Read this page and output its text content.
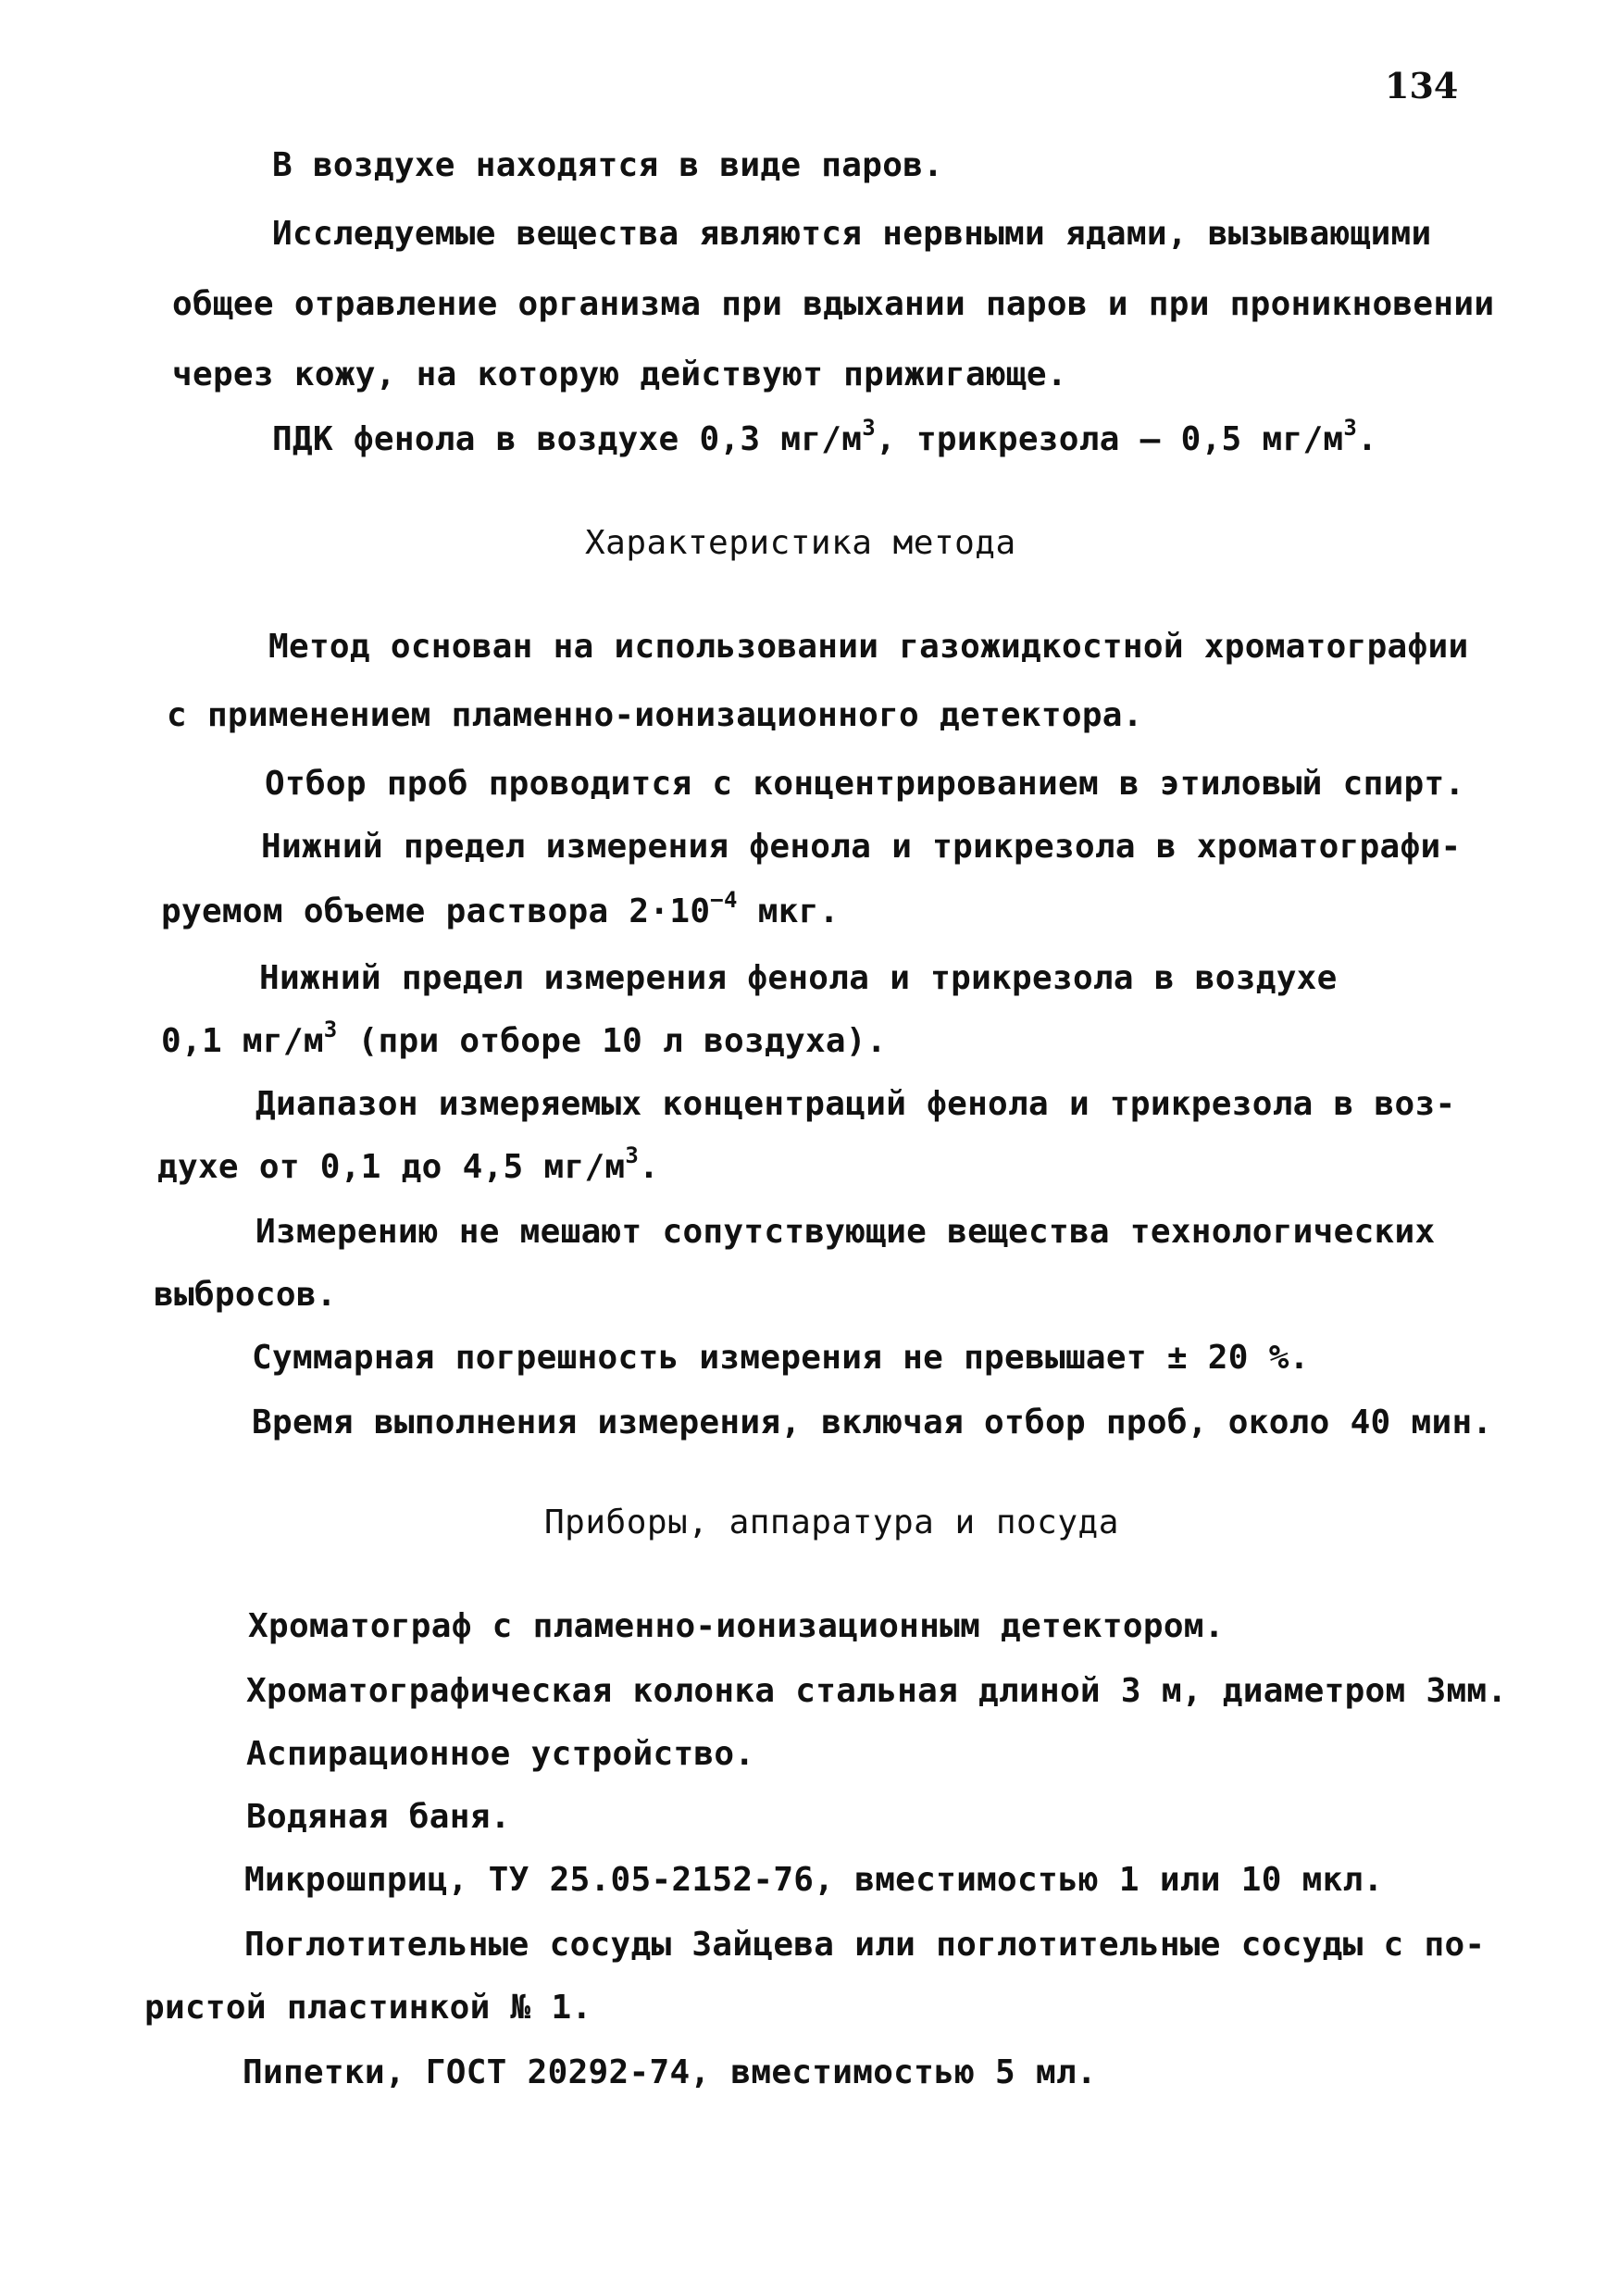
134
В воздухе находятся в виде паров.
Исследуемые вещества являются нервными ядами, вызывающими
общее отравление организма при вдыхании паров и при проникновении
через кожу, на которую действуют прижигающе.
ПДК фенола в воздухе 0,3 $мг/м^3$, трикрезола – 0,5 $мг/м^3$.
Характеристика метода
Метод основан на использовании газожидкостной хроматографии
с применением пламенно-ионизационного детектора.
Отбор проб проводится с концентрированием в этиловый спирт.
Нижний предел измерения фенола и трикрезола в хроматографи-
руемом объеме раствора $2\cdot 10^{-4}$ мкг.
Нижний предел измерения фенола и трикрезола в воздухе
0,1 $мг/м^3$ (при отборе 10 л воздуха).
Диапазон измеряемых концентраций фенола и трикрезола в воз-
духе от 0,1 до 4,5 $мг/м^3$.
Измерению не мешают сопутствующие вещества технологических
выбросов.
Суммарная погрешность измерения не превышает ± 20 %.
Время выполнения измерения, включая отбор проб, около 40 мин.
Приборы, аппаратура и посуда
Хроматограф с пламенно-ионизационным детектором.
Хроматографическая колонка стальная длиной 3 м, диаметром 3мм.
Аспирационное устройство.
Водяная баня.
Микрошприц, ТУ 25.05-2152-76, вместимостью 1 или 10 мкл.
Поглотительные сосуды Зайцева или поглотительные сосуды с по-
ристой пластинкой № 1.
Пипетки, ГОСТ 20292-74, вместимостью 5 мл.
